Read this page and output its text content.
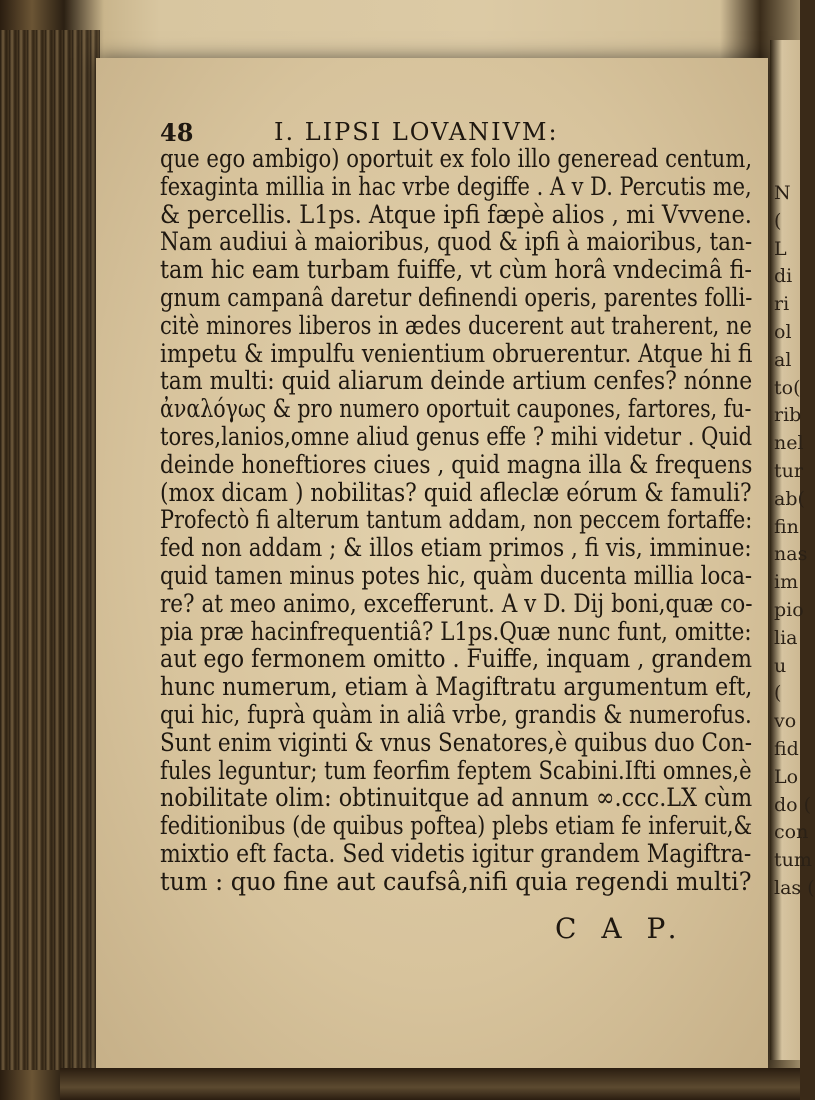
N
(
L
di
ri
ol
al
to(
rib
nel
tur
ab(
fin
nas
im
pio
lia
u
(
vo
fid
Lo
do (
con
tum
las (
48	I. LIPSI LOVANIVM:
que ego ambigo) oportuit ex folo illo generead centum,
fexaginta millia in hac vrbe degiffe . A v D. Percutis me,
& percellis. L1ps. Atque ipfi fæpè alios , mi Vvvene.
Nam audiui à maioribus, quod & ipfi à maioribus, tan-
tam hic eam turbam fuiffe, vt cùm horâ vndecimâ fi-
gnum campanâ daretur definendi operis, parentes folli-
citè minores liberos in ædes ducerent aut traherent, ne
impetu & impulfu venientium obruerentur. Atque hi fi
tam multi: quid aliarum deinde artium cenfes? nónne
ἀναλόγως & pro numero oportuit caupones, fartores, fu-
tores,lanios,omne aliud genus effe ? mihi videtur . Quid
deinde honeftiores ciues , quid magna illa & frequens
(mox dicam ) nobilitas? quid afleclæ eórum & famuli?
Profectò fi alterum tantum addam, non peccem fortaffe:
fed non addam ; & illos etiam primos , fi vis, imminue:
quid tamen minus potes hic, quàm ducenta millia loca-
re? at meo animo, excefferunt. A v D. Dij boni,quæ co-
pia præ hacinfrequentiâ? L1ps.Quæ nunc funt, omitte:
aut ego fermonem omitto . Fuiffe, inquam , grandem
hunc numerum, etiam à Magiftratu argumentum eft,
qui hic, fuprà quàm in aliâ vrbe, grandis & numerofus.
Sunt enim viginti & vnus Senatores,è quibus duo Con-
fules leguntur; tum feorfim feptem Scabini.Ifti omnes,è
nobilitate olim: obtinuitque ad annum ∞.ccc.LX cùm
feditionibus (de quibus poftea) plebs etiam fe inferuit,&
mixtio eft facta. Sed videtis igitur grandem Magiftra-
tum : quo fine aut caufsâ,nifi quia regendi multi?
C A P.
